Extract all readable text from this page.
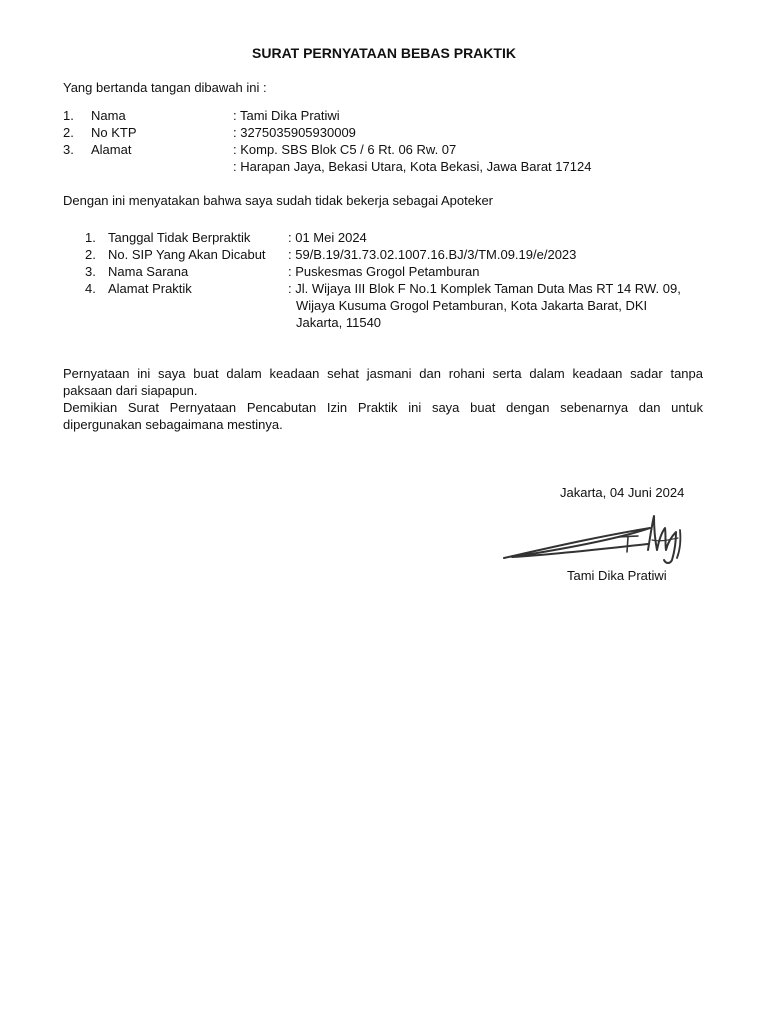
SURAT PERNYATAAN BEBAS PRAKTIK
Yang bertanda tangan dibawah ini :
1. Nama	: Tami Dika Pratiwi
2. No KTP	: 3275035905930009
3. Alamat	: Komp. SBS Blok C5 / 6 Rt. 06 Rw. 07
: Harapan Jaya, Bekasi Utara, Kota Bekasi, Jawa Barat 17124
Dengan ini menyatakan bahwa saya sudah tidak bekerja sebagai Apoteker
1. Tanggal Tidak Berpraktik	: 01 Mei 2024
2. No. SIP Yang Akan Dicabut : 59/B.19/31.73.02.1007.16.BJ/3/TM.09.19/e/2023
3. Nama Sarana	: Puskesmas Grogol Petamburan
4. Alamat Praktik	: Jl. Wijaya III Blok F No.1 Komplek Taman Duta Mas RT 14 RW. 09,
Wijaya Kusuma Grogol Petamburan, Kota Jakarta Barat, DKI
Jakarta, 11540
Pernyataan ini saya buat dalam keadaan sehat jasmani dan rohani serta dalam keadaan sadar tanpa
paksaan dari siapapun.
Demikian Surat Pernyataan Pencabutan Izin Praktik ini saya buat dengan sebenarnya dan untuk
dipergunakan sebagaimana mestinya.
Jakarta, 04 Juni 2024
Tami Dika Pratiwi
